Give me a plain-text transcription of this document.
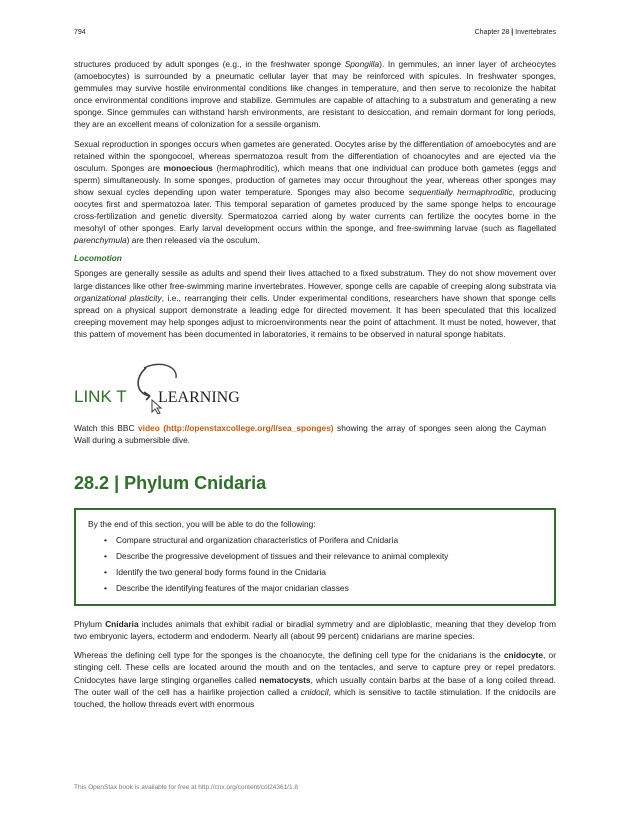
794	Chapter 28 | Invertebrates

structures produced by adult sponges (e.g., in the freshwater sponge Spongilla). In gemmules, an inner layer of archeocytes (amoebocytes) is surrounded by a pneumatic cellular layer that may be reinforced with spicules. In freshwater sponges, gemmules may survive hostile environmental conditions like changes in temperature, and then serve to recolonize the habitat once environmental conditions improve and stabilize. Gemmules are capable of attaching to a substratum and generating a new sponge. Since gemmules can withstand harsh environments, are resistant to desiccation, and remain dormant for long periods, they are an excellent means of colonization for a sessile organism.

Sexual reproduction in sponges occurs when gametes are generated. Oocytes arise by the differentiation of amoebocytes and are retained within the spongocoel, whereas spermatozoa result from the differentiation of choanocytes and are ejected via the osculum. Sponges are monoecious (hermaphroditic), which means that one individual can produce both gametes (eggs and sperm) simultaneously. In some sponges, production of gametes may occur throughout the year, whereas other sponges may show sexual cycles depending upon water temperature. Sponges may also become sequentially hermaphroditic, producing oocytes first and spermatozoa later. This temporal separation of gametes produced by the same sponge helps to encourage cross-fertilization and genetic diversity. Spermatozoa carried along by water currents can fertilize the oocytes borne in the mesohyl of other sponges. Early larval development occurs within the sponge, and free-swimming larvae (such as flagellated parenchymula) are then released via the osculum.

Locomotion

Sponges are generally sessile as adults and spend their lives attached to a fixed substratum. They do not show movement over large distances like other free-swimming marine invertebrates. However, sponge cells are capable of creeping along substrata via organizational plasticity, i.e., rearranging their cells. Under experimental conditions, researchers have shown that sponge cells spread on a physical support demonstrate a leading edge for directed movement. It has been speculated that this localized creeping movement may help sponges adjust to microenvironments near the point of attachment. It must be noted, however, that this pattern of movement has been documented in laboratories, it remains to be observed in natural sponge habitats.

LINK T LEARNING

Watch this BBC video (http://openstaxcollege.org/l/sea_sponges) showing the array of sponges seen along the Cayman Wall during a submersible dive.

28.2 | Phylum Cnidaria
By the end of this section, you will be able to do the following:
• Compare structural and organization characteristics of Porifera and Cnidaria
• Describe the progressive development of tissues and their relevance to animal complexity
• Identify the two general body forms found in the Cnidaria
• Describe the identifying features of the major cnidarian classes

Phylum Cnidaria includes animals that exhibit radial or biradial symmetry and are diploblastic, meaning that they develop from two embryonic layers, ectoderm and endoderm. Nearly all (about 99 percent) cnidarians are marine species.

Whereas the defining cell type for the sponges is the choanocyte, the defining cell type for the cnidarians is the cnidocyte, or stinging cell. These cells are located around the mouth and on the tentacles, and serve to capture prey or repel predators. Cnidocytes have large stinging organelles called nematocysts, which usually contain barbs at the base of a long coiled thread. The outer wall of the cell has a hairlike projection called a cnidocil, which is sensitive to tactile stimulation. If the cnidocils are touched, the hollow threads evert with enormous

This OpenStax book is available for free at http://cnx.org/content/col24361/1.8
